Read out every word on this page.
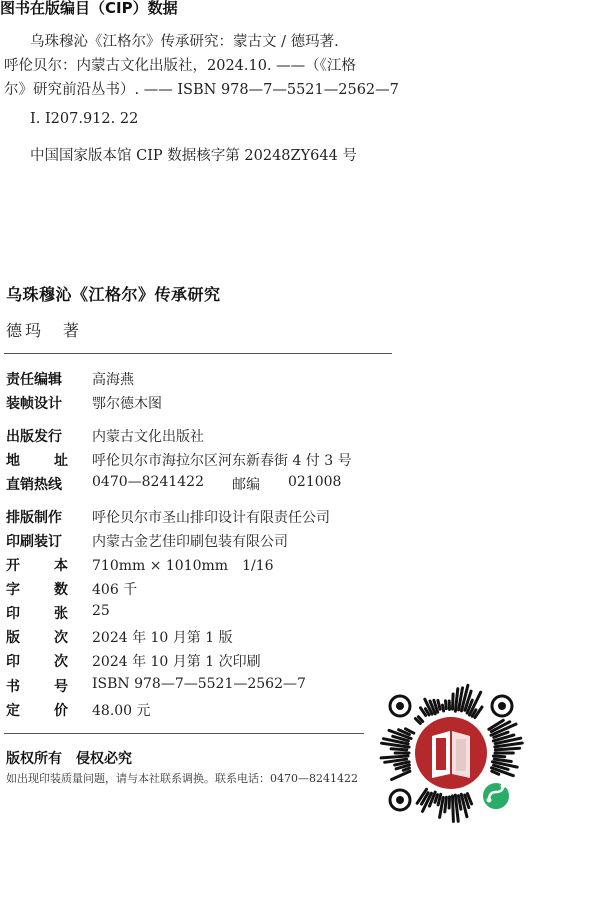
图书在版编目（CIP）数据
乌珠穆沁《江格尔》传承研究：蒙古文 / 德玛著.
呼伦贝尔：内蒙古文化出版社，2024.10. ——（《江格
尔》研究前沿丛书）. —— ISBN 978—7—5521—2562—7
Ⅰ. I207.912. 22
中国国家版本馆 CIP 数据核字第 20248ZY644 号
乌珠穆沁《江格尔》传承研究
德玛　著
责任编辑 高海燕
装帧设计 鄂尔德木图
出版发行 内蒙古文化出版社
地 址 呼伦贝尔市海拉尔区河东新春街 4 付 3 号
直销热线 0470—8241422 邮编 021008
排版制作 呼伦贝尔市圣山排印设计有限责任公司
印刷装订 内蒙古金艺佳印刷包装有限公司
开 本 710mm × 1010mm　1/16
字 数 406 千
印 张 25
版 次 2024 年 10 月第 1 版
印 次 2024 年 10 月第 1 次印刷
书 号 ISBN 978—7—5521—2562—7
定 价 48.00 元
版权所有　侵权必究
如出现印装质量问题，请与本社联系调换。联系电话：0470—8241422
